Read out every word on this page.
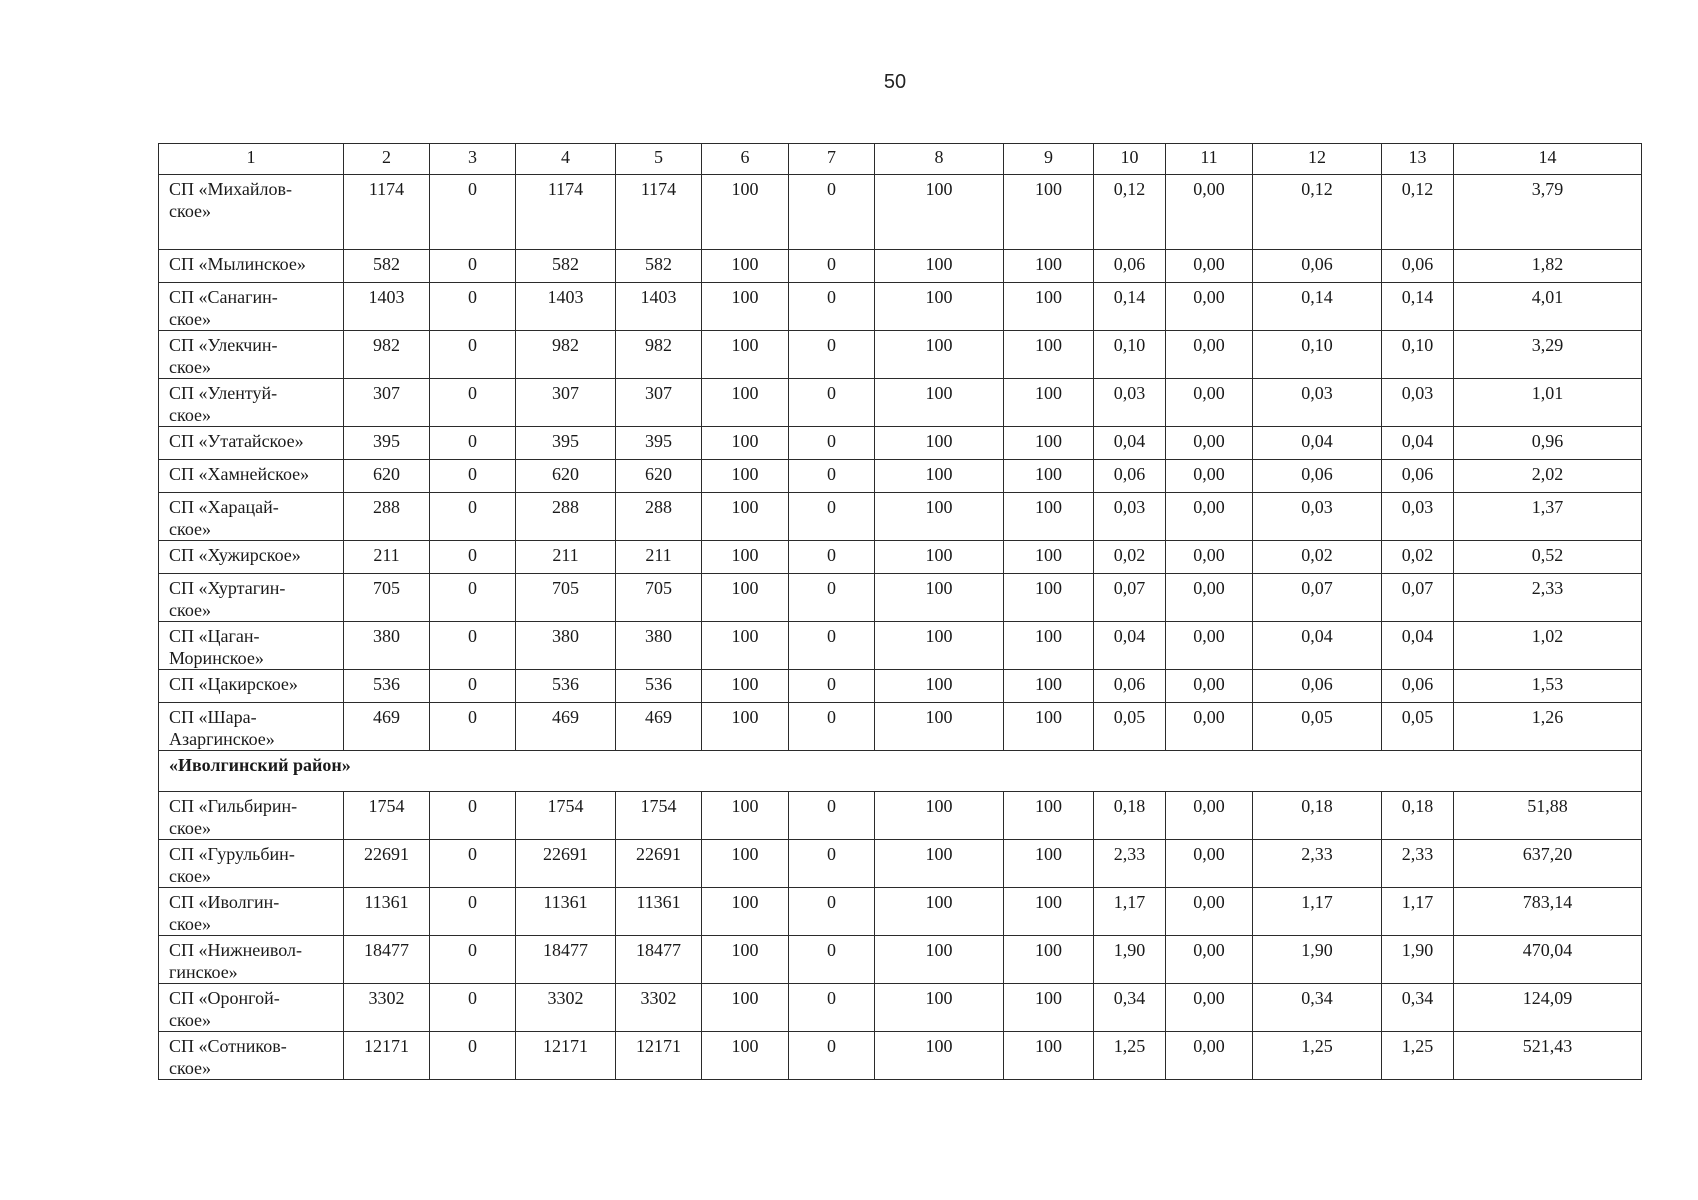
50
1	2	3	4	5	6	7	8	9	10	11	12	13	14
СП «Михайлов-
ское»	1174	0	1174	1174	100	0	100	100	0,12	0,00	0,12	0,12	3,79
СП «Мылинское»	582	0	582	582	100	0	100	100	0,06	0,00	0,06	0,06	1,82
СП «Санагин-
ское»	1403	0	1403	1403	100	0	100	100	0,14	0,00	0,14	0,14	4,01
СП «Улекчин-
ское»	982	0	982	982	100	0	100	100	0,10	0,00	0,10	0,10	3,29
СП «Улентуй-
ское»	307	0	307	307	100	0	100	100	0,03	0,00	0,03	0,03	1,01
СП «Утатайское»	395	0	395	395	100	0	100	100	0,04	0,00	0,04	0,04	0,96
СП «Хамнейское»	620	0	620	620	100	0	100	100	0,06	0,00	0,06	0,06	2,02
СП «Харацай-
ское»	288	0	288	288	100	0	100	100	0,03	0,00	0,03	0,03	1,37
СП «Хужирское»	211	0	211	211	100	0	100	100	0,02	0,00	0,02	0,02	0,52
СП «Хуртагин-
ское»	705	0	705	705	100	0	100	100	0,07	0,00	0,07	0,07	2,33
СП «Цаган-
Моринское»	380	0	380	380	100	0	100	100	0,04	0,00	0,04	0,04	1,02
СП «Цакирское»	536	0	536	536	100	0	100	100	0,06	0,00	0,06	0,06	1,53
СП «Шара-
Азаргинское»	469	0	469	469	100	0	100	100	0,05	0,00	0,05	0,05	1,26
«Иволгинский район»													
СП «Гильбирин-
ское»	1754	0	1754	1754	100	0	100	100	0,18	0,00	0,18	0,18	51,88
СП «Гурульбин-
ское»	22691	0	22691	22691	100	0	100	100	2,33	0,00	2,33	2,33	637,20
СП «Иволгин-
ское»	11361	0	11361	11361	100	0	100	100	1,17	0,00	1,17	1,17	783,14
СП «Нижнеивол-
гинское»	18477	0	18477	18477	100	0	100	100	1,90	0,00	1,90	1,90	470,04
СП «Оронгой-
ское»	3302	0	3302	3302	100	0	100	100	0,34	0,00	0,34	0,34	124,09
СП «Сотников-
ское»	12171	0	12171	12171	100	0	100	100	1,25	0,00	1,25	1,25	521,43
